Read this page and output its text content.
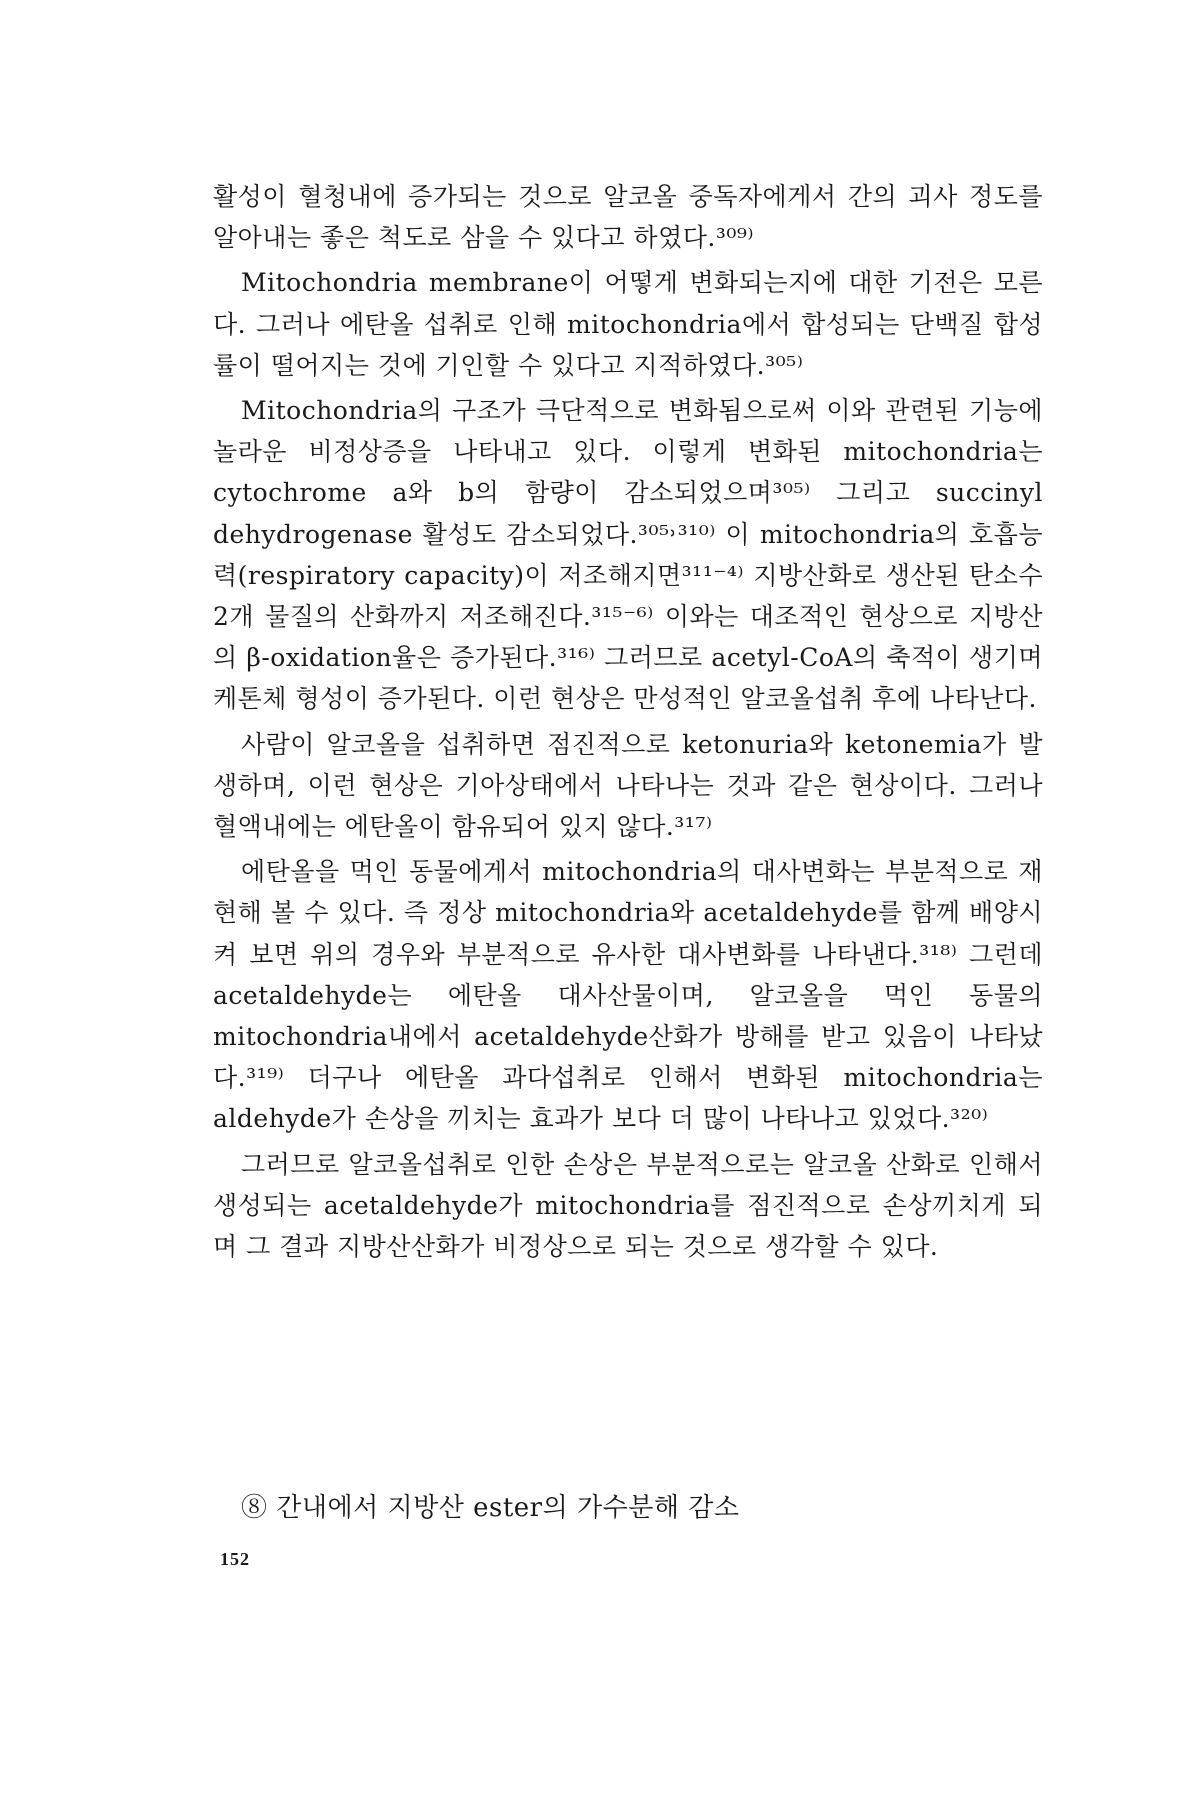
활성이 혈청내에 증가되는 것으로 알코올 중독자에게서 간의 괴사 정도를 알아내는 좋은 척도로 삼을 수 있다고 하였다.³⁰⁹⁾

Mitochondria membrane이 어떻게 변화되는지에 대한 기전은 모른다. 그러나 에탄올 섭취로 인해 mitochondria에서 합성되는 단백질 합성률이 떨어지는 것에 기인할 수 있다고 지적하였다.³⁰⁵⁾

Mitochondria의 구조가 극단적으로 변화됨으로써 이와 관련된 기능에 놀라운 비정상증을 나타내고 있다. 이렇게 변화된 mitochondria는 cytochrome a와 b의 함량이 감소되었으며³⁰⁵⁾ 그리고 succinyl dehydrogenase 활성도 감소되었다.³⁰⁵˒³¹⁰⁾ 이 mitochondria의 호흡능력(respiratory capacity)이 저조해지면³¹¹⁻⁴⁾ 지방산화로 생산된 탄소수 2개 물질의 산화까지 저조해진다.³¹⁵⁻⁶⁾ 이와는 대조적인 현상으로 지방산의 β-oxidation율은 증가된다.³¹⁶⁾ 그러므로 acetyl-CoA의 축적이 생기며 케톤체 형성이 증가된다. 이런 현상은 만성적인 알코올섭취 후에 나타난다.

사람이 알코올을 섭취하면 점진적으로 ketonuria와 ketonemia가 발생하며, 이런 현상은 기아상태에서 나타나는 것과 같은 현상이다. 그러나 혈액내에는 에탄올이 함유되어 있지 않다.³¹⁷⁾

에탄올을 먹인 동물에게서 mitochondria의 대사변화는 부분적으로 재현해 볼 수 있다. 즉 정상 mitochondria와 acetaldehyde를 함께 배양시켜 보면 위의 경우와 부분적으로 유사한 대사변화를 나타낸다.³¹⁸⁾ 그런데 acetaldehyde는 에탄올 대사산물이며, 알코올을 먹인 동물의 mitochondria내에서 acetaldehyde산화가 방해를 받고 있음이 나타났다.³¹⁹⁾ 더구나 에탄올 과다섭취로 인해서 변화된 mitochondria는 aldehyde가 손상을 끼치는 효과가 보다 더 많이 나타나고 있었다.³²⁰⁾

그러므로 알코올섭취로 인한 손상은 부분적으로는 알코올 산화로 인해서 생성되는 acetaldehyde가 mitochondria를 점진적으로 손상끼치게 되며 그 결과 지방산산화가 비정상으로 되는 것으로 생각할 수 있다.

⑧ 간내에서 지방산 ester의 가수분해 감소
152
